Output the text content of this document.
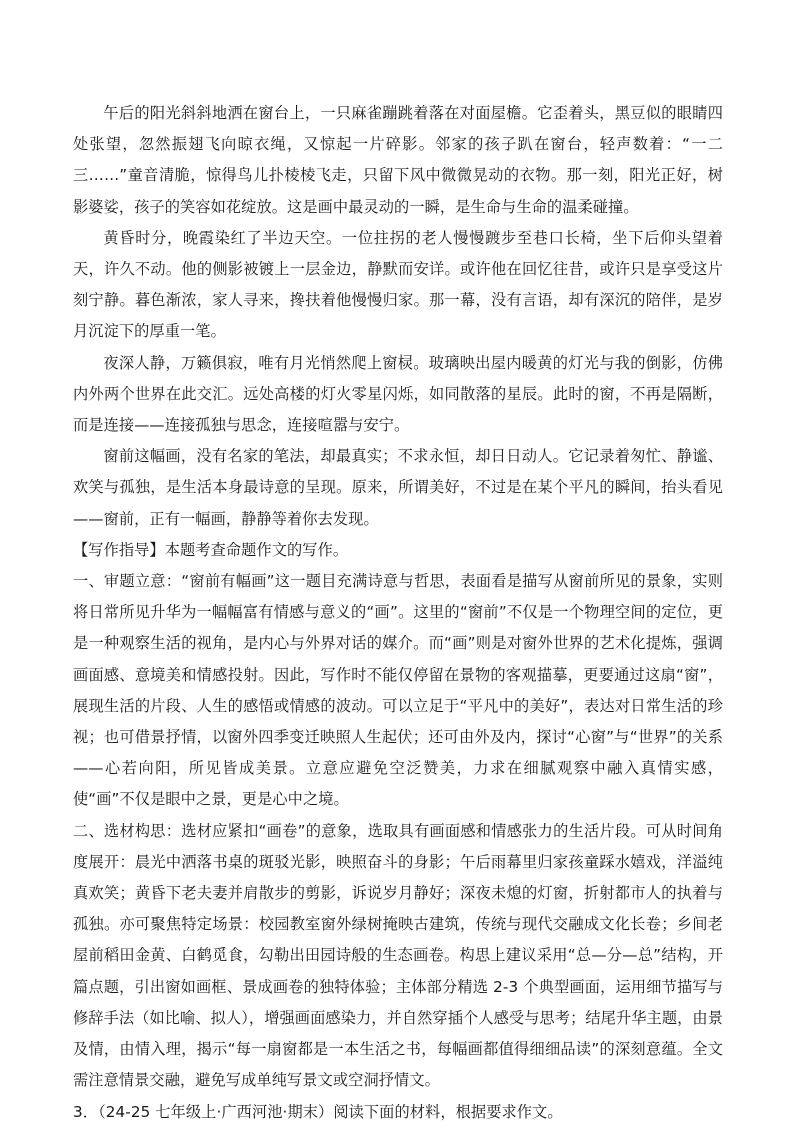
午后的阳光斜斜地洒在窗台上，一只麻雀蹦跳着落在对面屋檐。它歪着头，黑豆似的眼睛四处张望，忽然振翅飞向晾衣绳，又惊起一片碎影。邻家的孩子趴在窗台，轻声数着：“一二三……”童音清脆，惊得鸟儿扑棱棱飞走，只留下风中微微晃动的衣物。那一刻，阳光正好，树影婆娑，孩子的笑容如花绽放。这是画中最灵动的一瞬，是生命与生命的温柔碰撞。

黄昏时分，晚霞染红了半边天空。一位拄拐的老人慢慢踱步至巷口长椅，坐下后仰头望着天，许久不动。他的侧影被镀上一层金边，静默而安详。或许他在回忆往昔，或许只是享受这片刻宁静。暮色渐浓，家人寻来，搀扶着他慢慢归家。那一幕，没有言语，却有深沉的陪伴，是岁月沉淀下的厚重一笔。

夜深人静，万籁俱寂，唯有月光悄然爬上窗棂。玻璃映出屋内暖黄的灯光与我的倒影，仿佛内外两个世界在此交汇。远处高楼的灯火零星闪烁，如同散落的星辰。此时的窗，不再是隔断，而是连接——连接孤独与思念，连接喧嚣与安宁。

窗前这幅画，没有名家的笔法，却最真实；不求永恒，却日日动人。它记录着匆忙、静谧、欢笑与孤独，是生活本身最诗意的呈现。原来，所谓美好，不过是在某个平凡的瞬间，抬头看见——窗前，正有一幅画，静静等着你去发现。

【写作指导】本题考查命题作文的写作。

一、审题立意：“窗前有幅画”这一题目充满诗意与哲思，表面看是描写从窗前所见的景象，实则将日常所见升华为一幅幅富有情感与意义的“画”。这里的“窗前”不仅是一个物理空间的定位，更是一种观察生活的视角，是内心与外界对话的媒介。而“画”则是对窗外世界的艺术化提炼，强调画面感、意境美和情感投射。因此，写作时不能仅停留在景物的客观描摹，更要通过这扇“窗”，展现生活的片段、人生的感悟或情感的波动。可以立足于“平凡中的美好”，表达对日常生活的珍视；也可借景抒情，以窗外四季变迁映照人生起伏；还可由外及内，探讨“心窗”与“世界”的关系——心若向阳，所见皆成美景。立意应避免空泛赞美，力求在细腻观察中融入真情实感，使“画”不仅是眼中之景，更是心中之境。

二、选材构思：选材应紧扣“画卷”的意象，选取具有画面感和情感张力的生活片段。可从时间角度展开：晨光中洒落书桌的斑驳光影，映照奋斗的身影；午后雨幕里归家孩童踩水嬉戏，洋溢纯真欢笑；黄昏下老夫妻并肩散步的剪影，诉说岁月静好；深夜未熄的灯窗，折射都市人的执着与孤独。亦可聚焦特定场景：校园教室窗外绿树掩映古建筑，传统与现代交融成文化长卷；乡间老屋前稻田金黄、白鹤觅食，勾勒出田园诗般的生态画卷。构思上建议采用“总—分—总”结构，开篇点题，引出窗如画框、景成画卷的独特体验；主体部分精选 2-3 个典型画面，运用细节描写与修辞手法（如比喻、拟人），增强画面感染力，并自然穿插个人感受与思考；结尾升华主题，由景及情，由情入理，揭示“每一扇窗都是一本生活之书，每幅画都值得细细品读”的深刻意蕴。全文需注意情景交融，避免写成单纯写景文或空洞抒情文。

3．（24-25 七年级上·广西河池·期末）阅读下面的材料，根据要求作文。
